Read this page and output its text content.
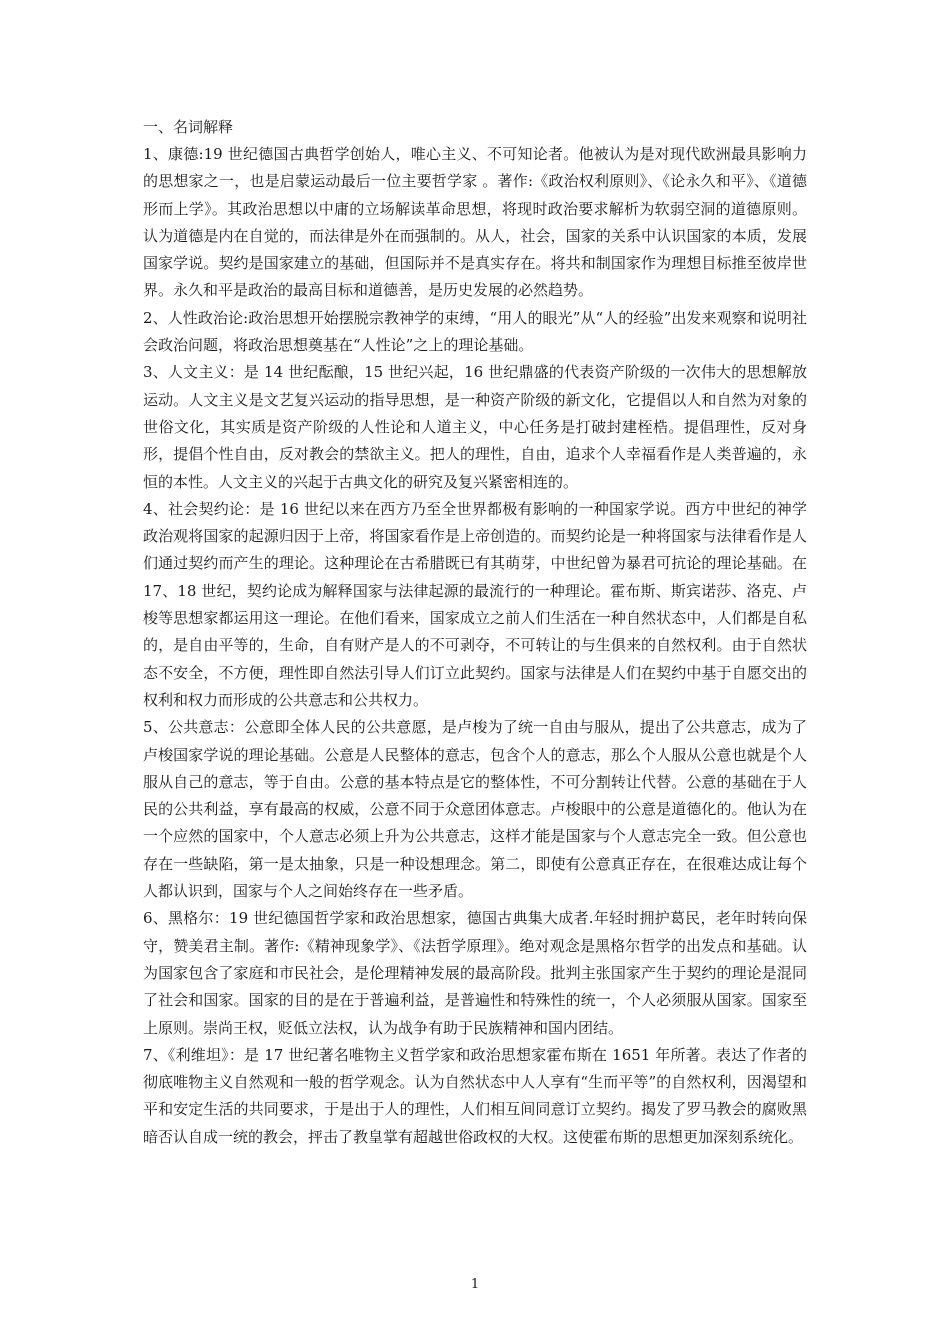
一、名词解释

1、康德:19 世纪德国古典哲学创始人，唯心主义、不可知论者。他被认为是对现代欧洲最具影响力的思想家之一，也是启蒙运动最后一位主要哲学家 。著作:《政治权利原则》、《论永久和平》、《道德形而上学》。其政治思想以中庸的立场解读革命思想，将现时政治要求解析为软弱空洞的道德原则。认为道德是内在自觉的，而法律是外在而强制的。从人，社会，国家的关系中认识国家的本质，发展国家学说。契约是国家建立的基础，但国际并不是真实存在。将共和制国家作为理想目标推至彼岸世界。永久和平是政治的最高目标和道德善，是历史发展的必然趋势。

2、人性政治论:政治思想开始摆脱宗教神学的束缚，“用人的眼光”从“人的经验”出发来观察和说明社会政治问题，将政治思想奠基在“人性论”之上的理论基础。

3、人文主义：是 14 世纪酝酿，15 世纪兴起，16 世纪鼎盛的代表资产阶级的一次伟大的思想解放运动。人文主义是文艺复兴运动的指导思想，是一种资产阶级的新文化，它提倡以人和自然为对象的世俗文化，其实质是资产阶级的人性论和人道主义，中心任务是打破封建桎梏。提倡理性，反对身形，提倡个性自由，反对教会的禁欲主义。把人的理性，自由，追求个人幸福看作是人类普遍的，永恒的本性。人文主义的兴起于古典文化的研究及复兴紧密相连的。

4、社会契约论：是 16 世纪以来在西方乃至全世界都极有影响的一种国家学说。西方中世纪的神学政治观将国家的起源归因于上帝，将国家看作是上帝创造的。而契约论是一种将国家与法律看作是人们通过契约而产生的理论。这种理论在古希腊既已有其萌芽，中世纪曾为暴君可抗论的理论基础。在 17、18 世纪，契约论成为解释国家与法律起源的最流行的一种理论。霍布斯、斯宾诺莎、洛克、卢梭等思想家都运用这一理论。在他们看来，国家成立之前人们生活在一种自然状态中，人们都是自私的，是自由平等的，生命，自有财产是人的不可剥夺，不可转让的与生俱来的自然权利。由于自然状态不安全，不方便，理性即自然法引导人们订立此契约。国家与法律是人们在契约中基于自愿交出的权利和权力而形成的公共意志和公共权力。

5、公共意志：公意即全体人民的公共意愿，是卢梭为了统一自由与服从，提出了公共意志，成为了卢梭国家学说的理论基础。公意是人民整体的意志，包含个人的意志，那么个人服从公意也就是个人服从自己的意志，等于自由。公意的基本特点是它的整体性，不可分割转让代替。公意的基础在于人民的公共利益，享有最高的权威，公意不同于众意团体意志。卢梭眼中的公意是道德化的。他认为在一个应然的国家中，个人意志必须上升为公共意志，这样才能是国家与个人意志完全一致。但公意也存在一些缺陷，第一是太抽象，只是一种设想理念。第二，即使有公意真正存在，在很难达成让每个人都认识到，国家与个人之间始终存在一些矛盾。

6、黑格尔：19 世纪德国哲学家和政治思想家，德国古典集大成者.年轻时拥护葛民，老年时转向保守，赞美君主制。著作:《精神现象学》、《法哲学原理》。绝对观念是黑格尔哲学的出发点和基础。认为国家包含了家庭和市民社会，是伦理精神发展的最高阶段。批判主张国家产生于契约的理论是混同了社会和国家。国家的目的是在于普遍利益，是普遍性和特殊性的统一，个人必须服从国家。国家至上原则。崇尚王权，贬低立法权，认为战争有助于民族精神和国内团结。

7、《利维坦》：是 17 世纪著名唯物主义哲学家和政治思想家霍布斯在 1651 年所著。表达了作者的彻底唯物主义自然观和一般的哲学观念。认为自然状态中人人享有“生而平等”的自然权利，因渴望和平和安定生活的共同要求，于是出于人的理性，人们相互间同意订立契约。揭发了罗马教会的腐败黑暗否认自成一统的教会，抨击了教皇掌有超越世俗政权的大权。这使霍布斯的思想更加深刻系统化。

1
